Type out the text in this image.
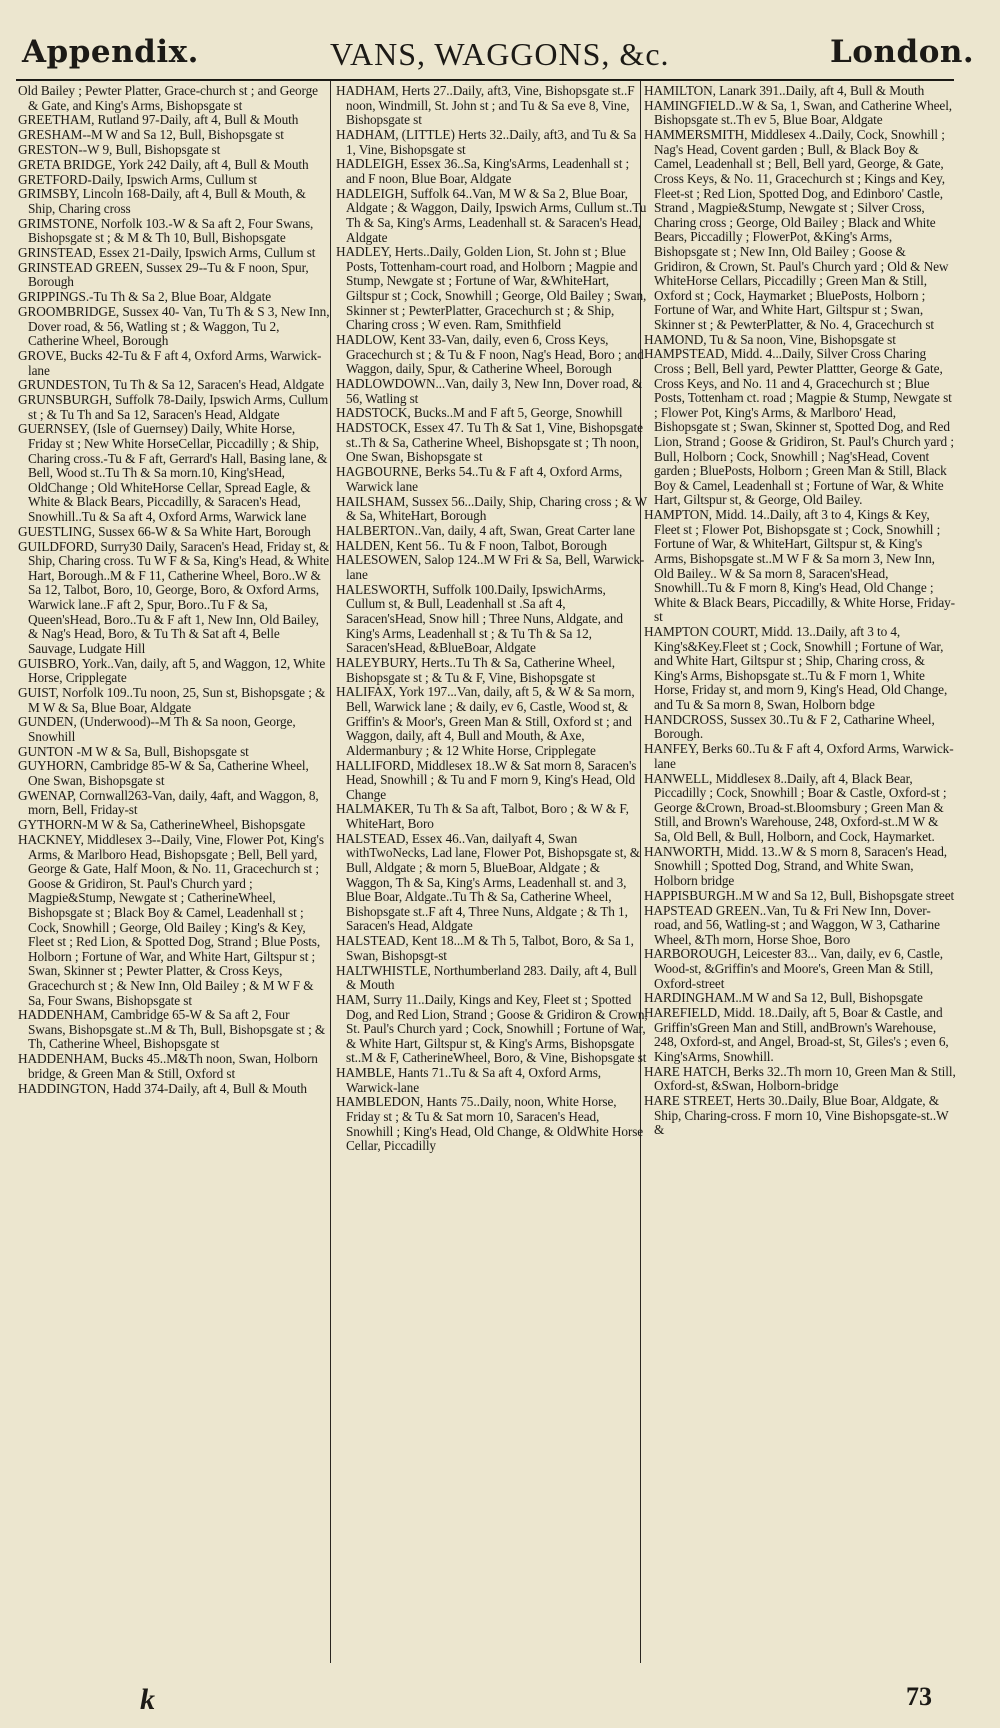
Appendix.	VANS, WAGGONS, &c.	London.
Old Bailey ; Pewter Platter, Grace-church st ; and George & Gate, and King's Arms, Bishopsgate st
GREETHAM, Rutland 97-Daily, aft 4, Bull & Mouth
GRESHAM--M W and Sa 12, Bull, Bishopsgate st
GRESTON--W 9, Bull, Bishopsgate st
GRETA BRIDGE, York 242 Daily, aft 4, Bull & Mouth
GRETFORD-Daily, Ipswich Arms, Cullum st
GRIMSBY, Lincoln 168-Daily, aft 4, Bull & Mouth, & Ship, Charing cross
GRIMSTONE, Norfolk 103.-W & Sa aft 2, Four Swans, Bishopsgate st ; & M & Th 10, Bull, Bishopsgate
GRINSTEAD, Essex 21-Daily, Ipswich Arms, Cullum st
GRINSTEAD GREEN, Sussex 29--Tu & F noon, Spur, Borough
GRIPPINGS.-Tu Th & Sa 2, Blue Boar, Aldgate
GROOMBRIDGE, Sussex 40- Van, Tu Th & S 3, New Inn, Dover road, & 56, Watling st ; & Waggon, Tu 2, Catherine Wheel, Borough
GROVE, Bucks 42-Tu & F aft 4, Oxford Arms, Warwick-lane
GRUNDESTON, Tu Th & Sa 12, Saracen's Head, Aldgate
GRUNSBURGH, Suffolk 78-Daily, Ipswich Arms, Cullum st ; & Tu Th and Sa 12, Saracen's Head, Aldgate
GUERNSEY, (Isle of Guernsey) Daily, White Horse, Friday st ; New White HorseCellar, Piccadilly ; & Ship, Charing cross.-Tu & F aft, Gerrard's Hall, Basing lane, & Bell, Wood st..Tu Th & Sa morn.10, King'sHead, OldChange ; Old WhiteHorse Cellar, Spread Eagle, & White & Black Bears, Piccadilly, & Saracen's Head, Snowhill..Tu & Sa aft 4, Oxford Arms, Warwick lane
GUESTLING, Sussex 66-W & Sa White Hart, Borough
GUILDFORD, Surry30 Daily, Saracen's Head, Friday st, & Ship, Charing cross. Tu W F & Sa, King's Head, & White Hart, Borough..M & F 11, Catherine Wheel, Boro..W & Sa 12, Talbot, Boro, 10, George, Boro, & Oxford Arms, Warwick lane..F aft 2, Spur, Boro..Tu F & Sa, Queen'sHead, Boro..Tu & F aft 1, New Inn, Old Bailey, & Nag's Head, Boro, & Tu Th & Sat aft 4, Belle Sauvage, Ludgate Hill
GUISBRO, York..Van, daily, aft 5, and Waggon, 12, White Horse, Cripplegate
GUIST, Norfolk 109..Tu noon, 25, Sun st, Bishopsgate ; & M W & Sa, Blue Boar, Aldgate
GUNDEN, (Underwood)--M Th & Sa noon, George, Snowhill
GUNTON -M W & Sa, Bull, Bishopsgate st
GUYHORN, Cambridge 85-W & Sa, Catherine Wheel, One Swan, Bishopsgate st
GWENAP, Cornwall263-Van, daily, 4aft, and Waggon, 8, morn, Bell, Friday-st
GYTHORN-M W & Sa, CatherineWheel, Bishopsgate
HACKNEY, Middlesex 3--Daily, Vine, Flower Pot, King's Arms, & Marlboro Head, Bishopsgate ; Bell, Bell yard, George & Gate, Half Moon, & No. 11, Gracechurch st ; Goose & Gridiron, St. Paul's Church yard ; Magpie&Stump, Newgate st ; CatherineWheel, Bishopsgate st ; Black Boy & Camel, Leadenhall st ; Cock, Snowhill ; George, Old Bailey ; King's & Key, Fleet st ; Red Lion, & Spotted Dog, Strand ; Blue Posts, Holborn ; Fortune of War, and White Hart, Giltspur st ; Swan, Skinner st ; Pewter Platter, & Cross Keys, Gracechurch st ; & New Inn, Old Bailey ; & M W F & Sa, Four Swans, Bishopsgate st
HADDENHAM, Cambridge 65-W & Sa aft 2, Four Swans, Bishopsgate st..M & Th, Bull, Bishopsgate st ; & Th, Catherine Wheel, Bishopsgate st
HADDENHAM, Bucks 45..M&Th noon, Swan, Holborn bridge, & Green Man & Still, Oxford st
HADDINGTON, Hadd 374-Daily, aft 4, Bull & Mouth
HADHAM, Herts 27..Daily, aft3, Vine, Bishopsgate st..F noon, Windmill, St. John st ; and Tu & Sa eve 8, Vine, Bishopsgate st
HADHAM, (LITTLE) Herts 32..Daily, aft3, and Tu & Sa 1, Vine, Bishopsgate st
HADLEIGH, Essex 36..Sa, King'sArms, Leadenhall st ; and F noon, Blue Boar, Aldgate
HADLEIGH, Suffolk 64..Van, M W & Sa 2, Blue Boar, Aldgate ; & Waggon, Daily, Ipswich Arms, Cullum st..Tu Th & Sa, King's Arms, Leadenhall st. & Saracen's Head, Aldgate
HADLEY, Herts..Daily, Golden Lion, St. John st ; Blue Posts, Tottenham-court road, and Holborn ; Magpie and Stump, Newgate st ; Fortune of War, &WhiteHart, Giltspur st ; Cock, Snowhill ; George, Old Bailey ; Swan, Skinner st ; PewterPlatter, Gracechurch st ; & Ship, Charing cross ; W even. Ram, Smithfield
HADLOW, Kent 33-Van, daily, even 6, Cross Keys, Gracechurch st ; & Tu & F noon, Nag's Head, Boro ; and Waggon, daily, Spur, & Catherine Wheel, Borough
HADLOWDOWN...Van, daily 3, New Inn, Dover road, & 56, Watling st
HADSTOCK, Bucks..M and F aft 5, George, Snowhill
HADSTOCK, Essex 47. Tu Th & Sat 1, Vine, Bishopsgate st..Th & Sa, Catherine Wheel, Bishopsgate st ; Th noon, One Swan, Bishopsgate st
HAGBOURNE, Berks 54..Tu & F aft 4, Oxford Arms, Warwick lane
HAILSHAM, Sussex 56...Daily, Ship, Charing cross ; & W & Sa, WhiteHart, Borough
HALBERTON..Van, daily, 4 aft, Swan, Great Carter lane
HALDEN, Kent 56.. Tu & F noon, Talbot, Borough
HALESOWEN, Salop 124..M W Fri & Sa, Bell, Warwick-lane
HALESWORTH, Suffolk 100.Daily, IpswichArms, Cullum st, & Bull, Leadenhall st .Sa aft 4, Saracen'sHead, Snow hill ; Three Nuns, Aldgate, and King's Arms, Leadenhall st ; & Tu Th & Sa 12, Saracen'sHead, &BlueBoar, Aldgate
HALEYBURY, Herts..Tu Th & Sa, Catherine Wheel, Bishopsgate st ; & Tu & F, Vine, Bishopsgate st
HALIFAX, York 197...Van, daily, aft 5, & W & Sa morn, Bell, Warwick lane ; & daily, ev 6, Castle, Wood st, & Griffin's & Moor's, Green Man & Still, Oxford st ; and Waggon, daily, aft 4, Bull and Mouth, & Axe, Aldermanbury ; & 12 White Horse, Cripplegate
HALLIFORD, Middlesex 18..W & Sat morn 8, Saracen's Head, Snowhill ; & Tu and F morn 9, King's Head, Old Change
HALMAKER, Tu Th & Sa aft, Talbot, Boro ; & W & F, WhiteHart, Boro
HALSTEAD, Essex 46..Van, dailyaft 4, Swan withTwoNecks, Lad lane, Flower Pot, Bishopsgate st, & Bull, Aldgate ; & morn 5, BlueBoar, Aldgate ; & Waggon, Th & Sa, King's Arms, Leadenhall st. and 3, Blue Boar, Aldgate..Tu Th & Sa, Catherine Wheel, Bishopsgate st..F aft 4, Three Nuns, Aldgate ; & Th 1, Saracen's Head, Aldgate
HALSTEAD, Kent 18...M & Th 5, Talbot, Boro, & Sa 1, Swan, Bishopsgt-st
HALTWHISTLE, Northumberland 283. Daily, aft 4, Bull & Mouth
HAM, Surry 11..Daily, Kings and Key, Fleet st ; Spotted Dog, and Red Lion, Strand ; Goose & Gridiron & Crown, St. Paul's Church yard ; Cock, Snowhill ; Fortune of War, & White Hart, Giltspur st, & King's Arms, Bishopsgate st..M & F, CatherineWheel, Boro, & Vine, Bishopsgate st
HAMBLE, Hants 71..Tu & Sa aft 4, Oxford Arms, Warwick-lane
HAMBLEDON, Hants 75..Daily, noon, White Horse, Friday st ; & Tu & Sat morn 10, Saracen's Head, Snowhill ; King's Head, Old Change, & OldWhite Horse Cellar, Piccadilly
HAMILTON, Lanark 391..Daily, aft 4, Bull & Mouth
HAMINGFIELD..W & Sa, 1, Swan, and Catherine Wheel, Bishopsgate st..Th ev 5, Blue Boar, Aldgate
HAMMERSMITH, Middlesex 4..Daily, Cock, Snowhill ; Nag's Head, Covent garden ; Bull, & Black Boy & Camel, Leadenhall st ; Bell, Bell yard, George, & Gate, Cross Keys, & No. 11, Gracechurch st ; Kings and Key, Fleet-st ; Red Lion, Spotted Dog, and Edinboro' Castle, Strand , Magpie&Stump, Newgate st ; Silver Cross, Charing cross ; George, Old Bailey ; Black and White Bears, Piccadilly ; FlowerPot, &King's Arms, Bishopsgate st ; New Inn, Old Bailey ; Goose & Gridiron, & Crown, St. Paul's Church yard ; Old & New WhiteHorse Cellars, Piccadilly ; Green Man & Still, Oxford st ; Cock, Haymarket ; BluePosts, Holborn ; Fortune of War, and White Hart, Giltspur st ; Swan, Skinner st ; & PewterPlatter, & No. 4, Gracechurch st
HAMOND, Tu & Sa noon, Vine, Bishopsgate st
HAMPSTEAD, Midd. 4...Daily, Silver Cross Charing Cross ; Bell, Bell yard, Pewter Plattter, George & Gate, Cross Keys, and No. 11 and 4, Gracechurch st ; Blue Posts, Tottenham ct. road ; Magpie & Stump, Newgate st ; Flower Pot, King's Arms, & Marlboro' Head, Bishopsgate st ; Swan, Skinner st, Spotted Dog, and Red Lion, Strand ; Goose & Gridiron, St. Paul's Church yard ; Bull, Holborn ; Cock, Snowhill ; Nag'sHead, Covent garden ; BluePosts, Holborn ; Green Man & Still, Black Boy & Camel, Leadenhall st ; Fortune of War, & White Hart, Giltspur st, & George, Old Bailey.
HAMPTON, Midd. 14..Daily, aft 3 to 4, Kings & Key, Fleet st ; Flower Pot, Bishopsgate st ; Cock, Snowhill ; Fortune of War, & WhiteHart, Giltspur st, & King's Arms, Bishopsgate st..M W F & Sa morn 3, New Inn, Old Bailey.. W & Sa morn 8, Saracen'sHead, Snowhill..Tu & F morn 8, King's Head, Old Change ; White & Black Bears, Piccadilly, & White Horse, Friday-st
HAMPTON COURT, Midd. 13..Daily, aft 3 to 4, King's&Key.Fleet st ; Cock, Snowhill ; Fortune of War, and White Hart, Giltspur st ; Ship, Charing cross, & King's Arms, Bishopsgate st..Tu & F morn 1, White Horse, Friday st, and morn 9, King's Head, Old Change, and Tu & Sa morn 8, Swan, Holborn bdge
HANDCROSS, Sussex 30..Tu & F 2, Catharine Wheel, Borough.
HANFEY, Berks 60..Tu & F aft 4, Oxford Arms, Warwick-lane
HANWELL, Middlesex 8..Daily, aft 4, Black Bear, Piccadilly ; Cock, Snowhill ; Boar & Castle, Oxford-st ; George &Crown, Broad-st.Bloomsbury ; Green Man & Still, and Brown's Warehouse, 248, Oxford-st..M W & Sa, Old Bell, & Bull, Holborn, and Cock, Haymarket.
HANWORTH, Midd. 13..W & S morn 8, Saracen's Head, Snowhill ; Spotted Dog, Strand, and White Swan, Holborn bridge
HAPPISBURGH..M W and Sa 12, Bull, Bishopsgate street
HAPSTEAD GREEN..Van, Tu & Fri New Inn, Dover-road, and 56, Watling-st ; and Waggon, W 3, Catharine Wheel, &Th morn, Horse Shoe, Boro
HARBOROUGH, Leicester 83... Van, daily, ev 6, Castle, Wood-st, &Griffin's and Moore's, Green Man & Still, Oxford-street
HARDINGHAM..M W and Sa 12, Bull, Bishopsgate
HAREFIELD, Midd. 18..Daily, aft 5, Boar & Castle, and Griffin'sGreen Man and Still, andBrown's Warehouse, 248, Oxford-st, and Angel, Broad-st, St, Giles's ; even 6, King'sArms, Snowhill.
HARE HATCH, Berks 32..Th morn 10, Green Man & Still, Oxford-st, &Swan, Holborn-bridge
HARE STREET, Herts 30..Daily, Blue Boar, Aldgate, & Ship, Charing-cross. F morn 10, Vine Bishopsgate-st..W &
k	73
